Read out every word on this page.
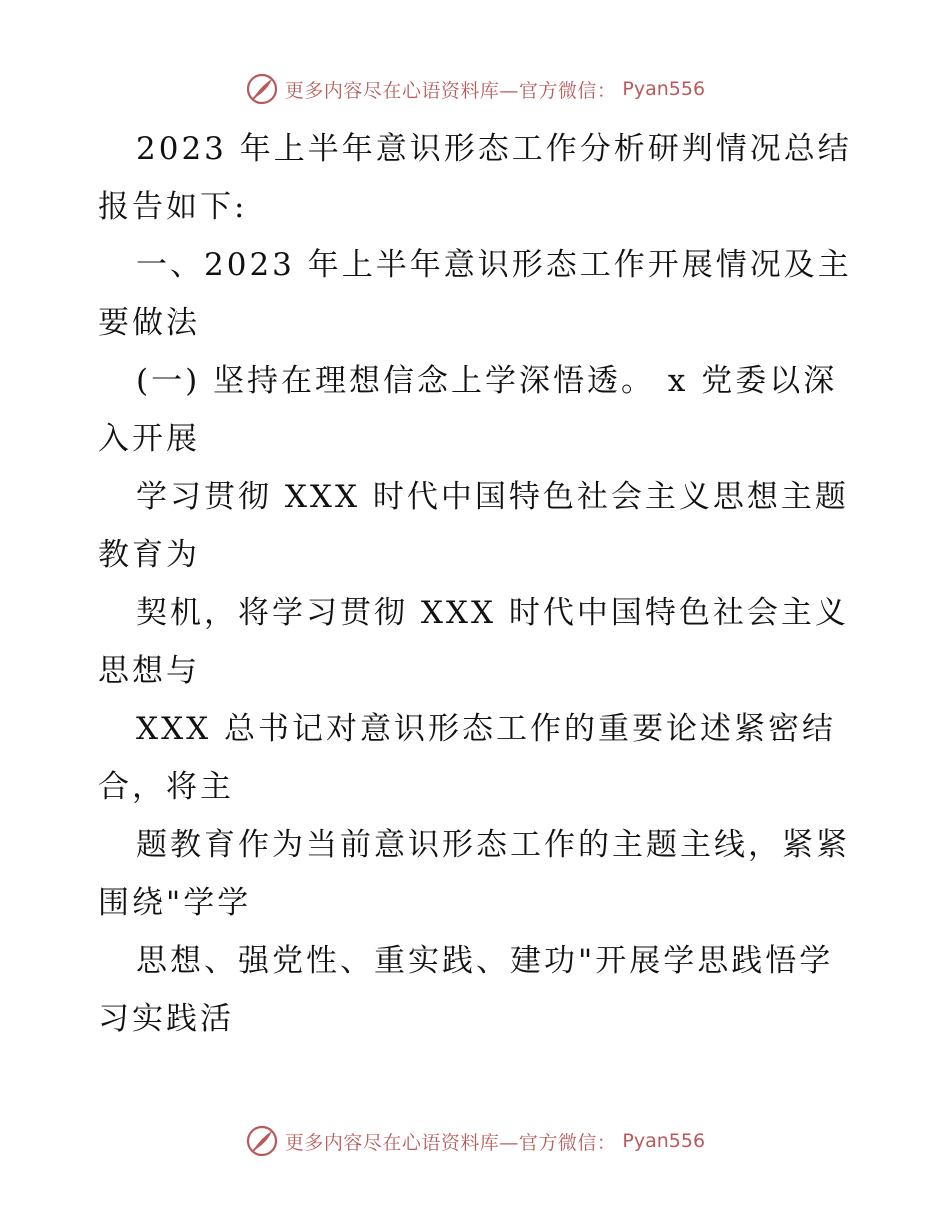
更多内容尽在心语资料库—官方微信： Pyan556
2023 年上半年意识形态工作分析研判情况总结
报告如下:
一、2023 年上半年意识形态工作开展情况及主
要做法
(一) 坚持在理想信念上学深悟透。 x 党委以深
入开展
学习贯彻 XXX 时代中国特色社会主义思想主题
教育为
契机，将学习贯彻 XXX 时代中国特色社会主义
思想与
XXX 总书记对意识形态工作的重要论述紧密结
合，将主
题教育作为当前意识形态工作的主题主线，紧紧
围绕"学学
思想、强党性、重实践、建功"开展学思践悟学
习实践活
更多内容尽在心语资料库—官方微信： Pyan556
